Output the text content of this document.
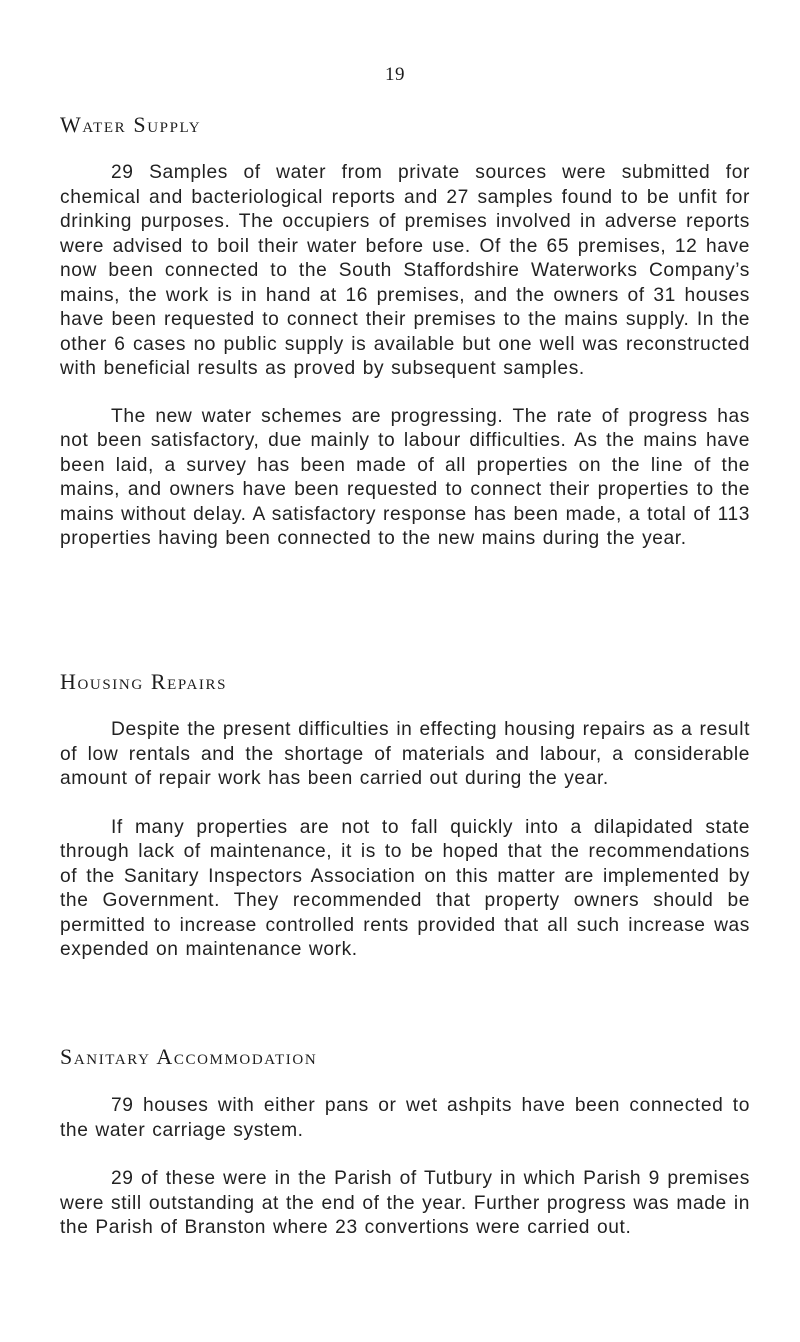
19
Water Supply

29 Samples of water from private sources were submitted for chemical and bacteriological reports and 27 samples found to be unfit for drinking purposes. The occupiers of premises involved in adverse reports were advised to boil their water before use. Of the 65 premises, 12 have now been connected to the South Staffordshire Waterworks Company’s mains, the work is in hand at 16 premises, and the owners of 31 houses have been requested to connect their premises to the mains supply. In the other 6 cases no public supply is available but one well was reconstructed with beneficial results as proved by subsequent samples.

The new water schemes are progressing. The rate of progress has not been satisfactory, due mainly to labour difficulties. As the mains have been laid, a survey has been made of all properties on the line of the mains, and owners have been requested to connect their properties to the mains without delay. A satisfactory response has been made, a total of 113 properties having been connected to the new mains during the year.

Housing Repairs

Despite the present difficulties in effecting housing repairs as a result of low rentals and the shortage of materials and labour, a considerable amount of repair work has been carried out during the year.

If many properties are not to fall quickly into a dilapidated state through lack of maintenance, it is to be hoped that the recommendations of the Sanitary Inspectors Association on this matter are implemented by the Government. They recommended that property owners should be permitted to increase controlled rents provided that all such increase was expended on maintenance work.

Sanitary Accommodation

79 houses with either pans or wet ashpits have been connected to the water carriage system.

29 of these were in the Parish of Tutbury in which Parish 9 premises were still outstanding at the end of the year. Further progress was made in the Parish of Branston where 23 convertions were carried out.
